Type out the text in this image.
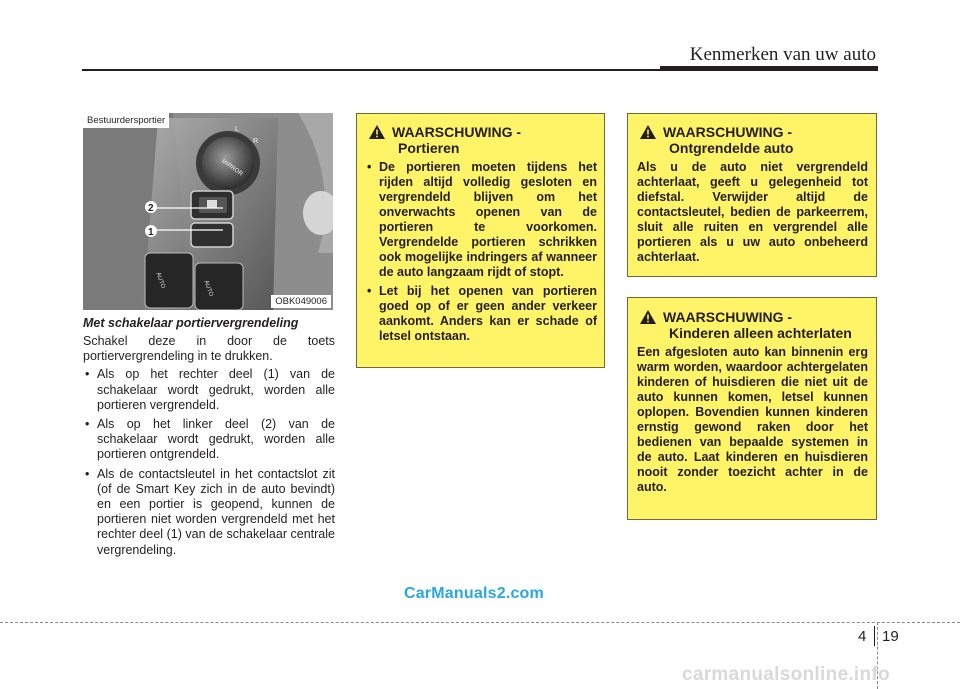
Kenmerken van uw auto
MIRROR
L
R
AUTO	AUTO
2
1
Bestuurdersportier
OBK049006
Met schakelaar portiervergrendeling

Schakel deze in door de toets portiervergrendeling in te drukken.

• Als op het rechter deel (1) van de schakelaar wordt gedrukt, worden alle portieren vergrendeld.
• Als op het linker deel (2) van de schakelaar wordt gedrukt, worden alle portieren ontgrendeld.
• Als de contactsleutel in het contactslot zit (of de Smart Key zich in de auto bevindt) en een portier is geopend, kunnen de portieren niet worden vergrendeld met het rechter deel (1) van de schakelaar centrale vergrendeling.
WAARSCHUWING -
Portieren
• De portieren moeten tijdens het rijden altijd volledig gesloten en vergrendeld blijven om het onverwachts openen van de portieren te voorkomen. Vergrendelde portieren schrikken ook mogelijke indringers af wanneer de auto langzaam rijdt of stopt.
• Let bij het openen van portieren goed op of er geen ander verkeer aankomt. Anders kan er schade of letsel ontstaan.
WAARSCHUWING -
Ontgrendelde auto
Als u de auto niet vergrendeld achterlaat, geeft u gelegenheid tot diefstal. Verwijder altijd de contactsleutel, bedien de parkeerrem, sluit alle ruiten en vergrendel alle portieren als u uw auto onbeheerd achterlaat.
WAARSCHUWING -
Kinderen alleen achterlaten
Een afgesloten auto kan binnenin erg warm worden, waardoor achtergelaten kinderen of huisdieren die niet uit de auto kunnen komen, letsel kunnen oplopen. Bovendien kunnen kinderen ernstig gewond raken door het bedienen van bepaalde systemen in de auto. Laat kinderen en huisdieren nooit zonder toezicht achter in de auto.
CarManuals2.com
4 19
carmanualsonline.info
